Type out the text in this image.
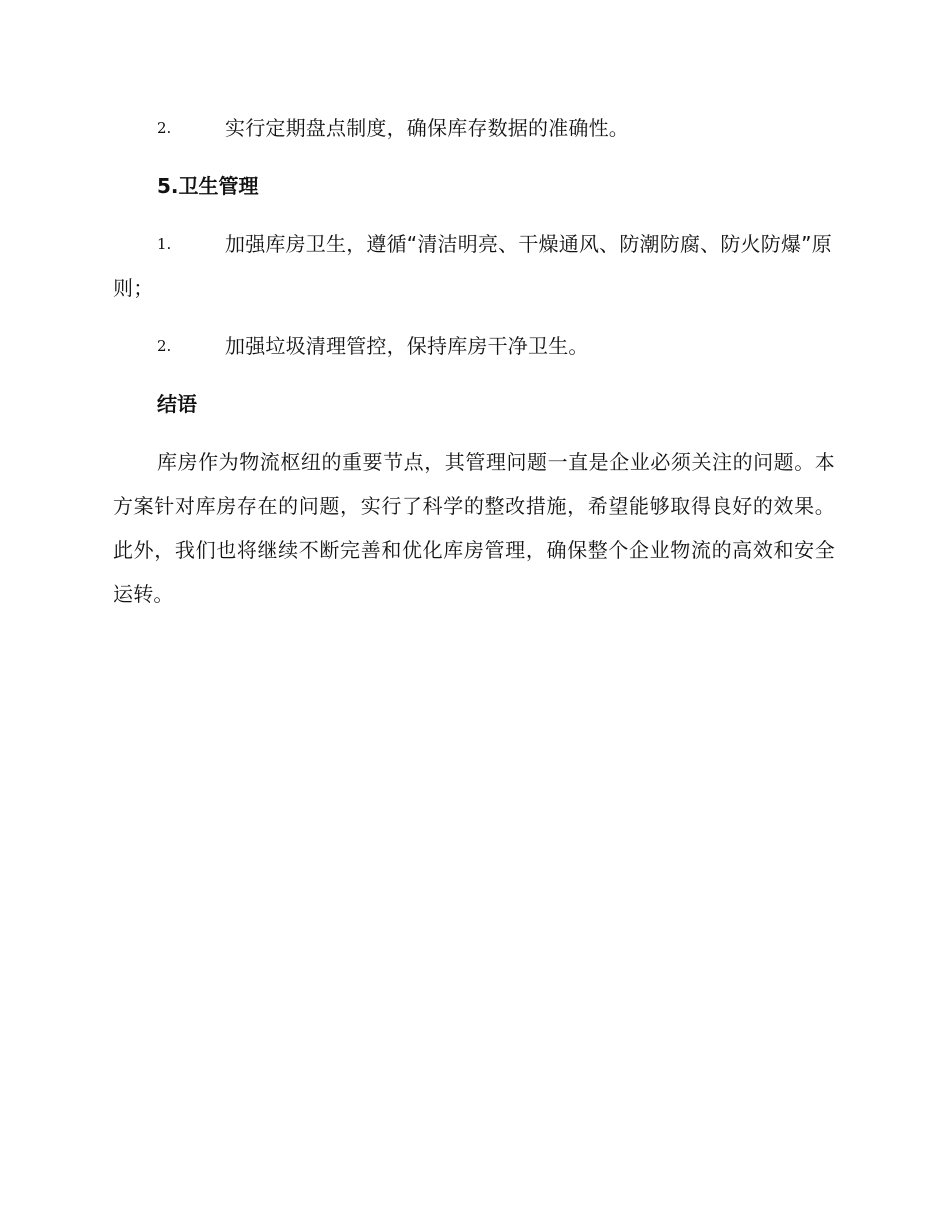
2.	实行定期盘点制度，确保库存数据的准确性。
5.卫生管理
1.	加强库房卫生，遵循“清洁明亮、干燥通风、防潮防腐、防火防爆”原则；
2.	加强垃圾清理管控，保持库房干净卫生。
结语

库房作为物流枢纽的重要节点，其管理问题一直是企业必须关注的问题。本方案针对库房存在的问题，实行了科学的整改措施，希望能够取得良好的效果。此外，我们也将继续不断完善和优化库房管理，确保整个企业物流的高效和安全运转。
